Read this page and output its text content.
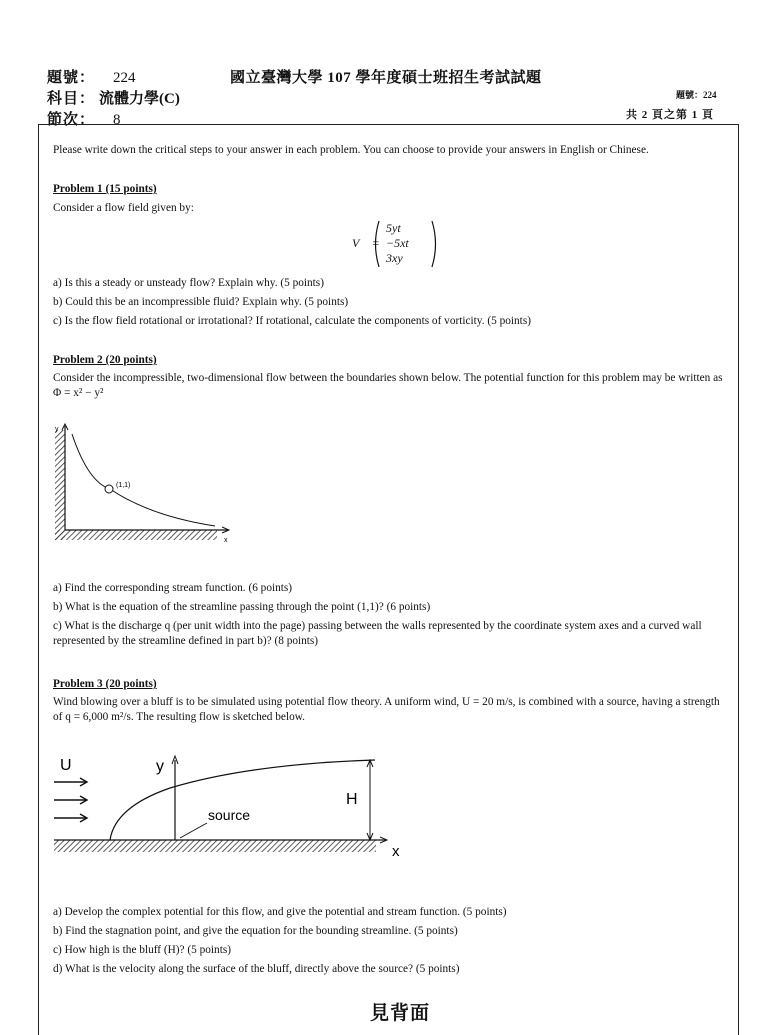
題號： 224
科目： 流體力學(C)
節次： 8
國立臺灣大學 107 學年度碩士班招生考試試題
題號：224
共 2 頁之第 1 頁
Please write down the critical steps to your answer in each problem. You can choose to provide your answers in English or Chinese.
Problem 1 (15 points)
Consider a flow field given by:
V⃗ =
5yt
−5xt
3xy
a) Is this a steady or unsteady flow? Explain why. (5 points)
b) Could this be an incompressible fluid? Explain why. (5 points)
c) Is the flow field rotational or irrotational? If rotational, calculate the components of vorticity. (5 points)
Problem 2 (20 points)
Consider the incompressible, two-dimensional flow between the boundaries shown below. The potential function for this problem may be written as Φ = x² − y²
y
x
(1,1)
a) Find the corresponding stream function. (6 points)
b) What is the equation of the streamline passing through the point (1,1)? (6 points)
c) What is the discharge q (per unit width into the page) passing between the walls represented by the coordinate system axes and a curved wall represented by the streamline defined in part b)? (8 points)
Problem 3 (20 points)
Wind blowing over a bluff is to be simulated using potential flow theory. A uniform wind, U = 20 m/s, is combined with a source, having a strength of q = 6,000 m²/s. The resulting flow is sketched below.
U
x
y
H
source
a) Develop the complex potential for this flow, and give the potential and stream function. (5 points)
b) Find the stagnation point, and give the equation for the bounding streamline. (5 points)
c) How high is the bluff (H)? (5 points)
d) What is the velocity along the surface of the bluff, directly above the source? (5 points)
見背面
